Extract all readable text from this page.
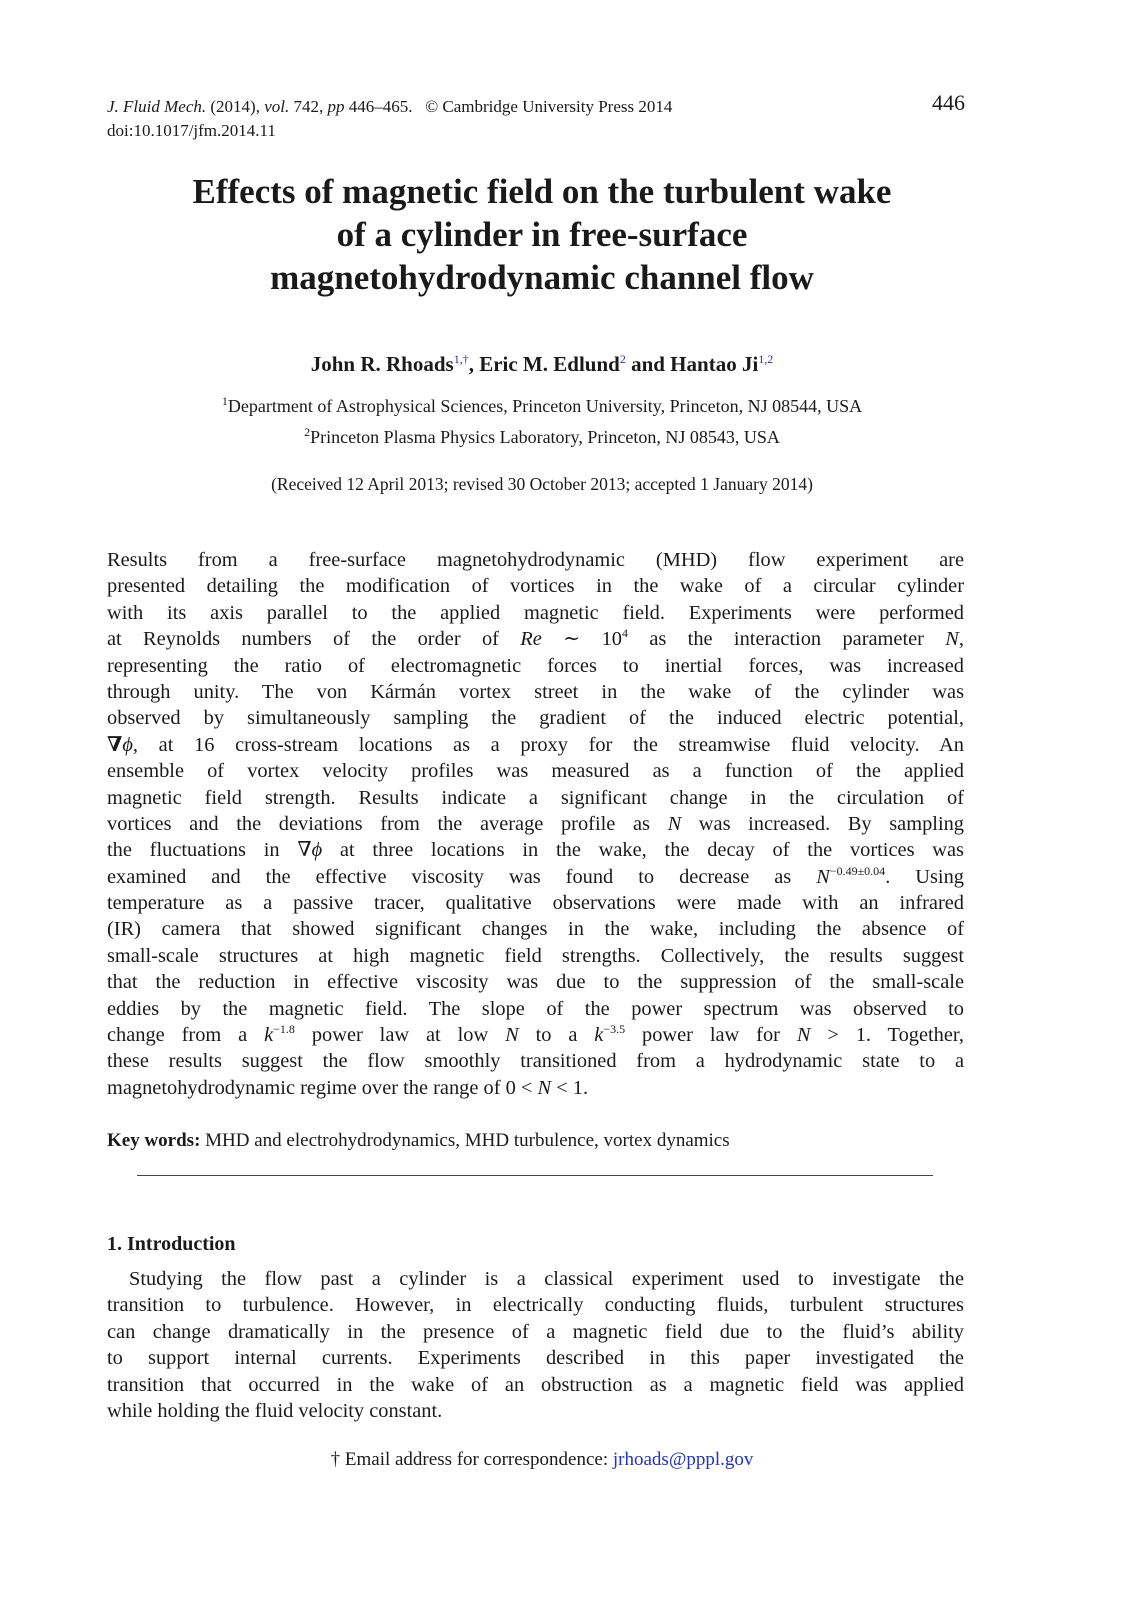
J. Fluid Mech. (2014), vol. 742, pp 446–465. © Cambridge University Press 2014
doi:10.1017/jfm.2014.11
446
Effects of magnetic field on the turbulent wake
of a cylinder in free-surface
magnetohydrodynamic channel flow
John R. Rhoads$^{1,\dagger}$, Eric M. Edlund$^2$ and Hantao Ji$^{1,2}$
$^1$Department of Astrophysical Sciences, Princeton University, Princeton, NJ 08544, USA
$^2$Princeton Plasma Physics Laboratory, Princeton, NJ 08543, USA
(Received 12 April 2013; revised 30 October 2013; accepted 1 January 2014)
Results from a free-surface magnetohydrodynamic (MHD) flow experiment are
presented detailing the modification of vortices in the wake of a circular cylinder
with its axis parallel to the applied magnetic field. Experiments were performed
at Reynolds numbers of the order of Re ∼ $10^4$ as the interaction parameter N,
representing the ratio of electromagnetic forces to inertial forces, was increased
through unity. The von Kármán vortex street in the wake of the cylinder was
observed by simultaneously sampling the gradient of the induced electric potential,
∇ϕ, at 16 cross-stream locations as a proxy for the streamwise fluid velocity. An
ensemble of vortex velocity profiles was measured as a function of the applied
magnetic field strength. Results indicate a significant change in the circulation of
vortices and the deviations from the average profile as N was increased. By sampling
the fluctuations in ∇ϕ at three locations in the wake, the decay of the vortices was
examined and the effective viscosity was found to decrease as $N^{-0.49\pm 0.04}$. Using
temperature as a passive tracer, qualitative observations were made with an infrared
(IR) camera that showed significant changes in the wake, including the absence of
small-scale structures at high magnetic field strengths. Collectively, the results suggest
that the reduction in effective viscosity was due to the suppression of the small-scale
eddies by the magnetic field. The slope of the power spectrum was observed to
change from a $k^{-1.8}$ power law at low N to a $k^{-3.5}$ power law for N > 1. Together,
these results suggest the flow smoothly transitioned from a hydrodynamic state to a
magnetohydrodynamic regime over the range of 0 < N < 1.
Key words: MHD and electrohydrodynamics, MHD turbulence, vortex dynamics
1. Introduction
Studying the flow past a cylinder is a classical experiment used to investigate the
transition to turbulence. However, in electrically conducting fluids, turbulent structures
can change dramatically in the presence of a magnetic field due to the fluid’s ability
to support internal currents. Experiments described in this paper investigated the
transition that occurred in the wake of an obstruction as a magnetic field was applied
while holding the fluid velocity constant.
† Email address for correspondence: jrhoads@pppl.gov
